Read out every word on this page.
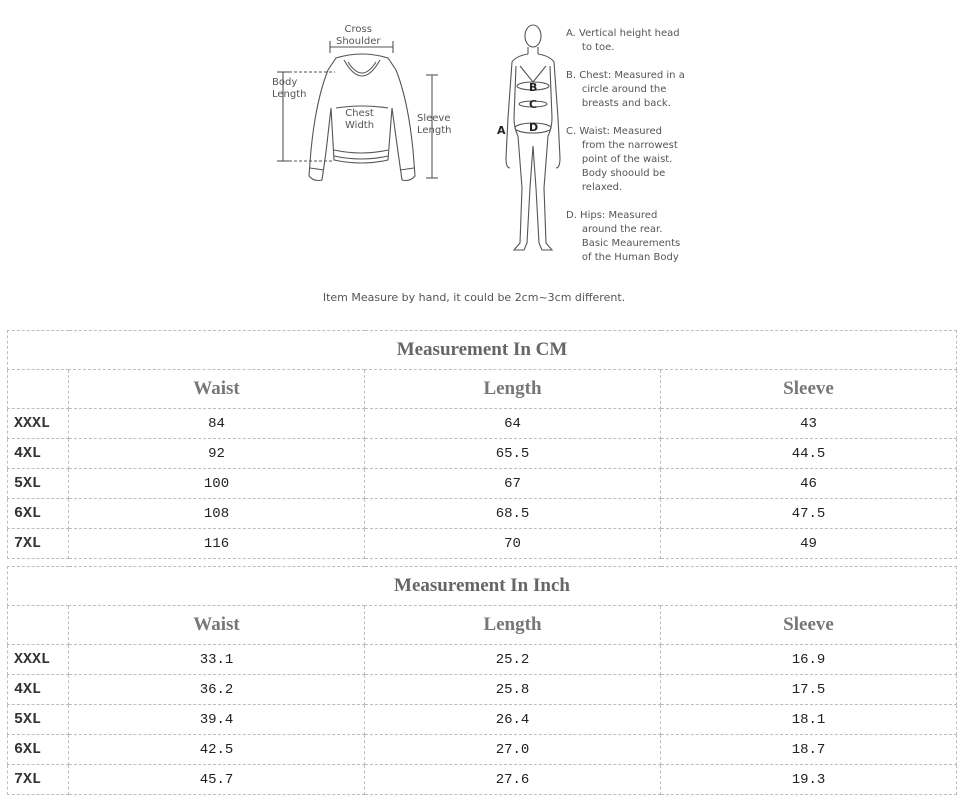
Cross
Shoulder
Body
Length
Chest
Width
Sleeve
Length	A
B
C
D
A. Vertical height head
to toe.
B. Chest: Measured in a
circle around the
breasts and back.
C. Waist: Measured
from the narrowest
point of the waist.
Body shoould be
relaxed.
D. Hips: Measured
around the rear.
Basic Meaurements
of the Human Body
Item Measure by hand, it could be 2cm~3cm different.
Measurement In CM			
	Waist	Length	Sleeve
XXXL	84	64	43
4XL	92	65.5	44.5
5XL	100	67	46
6XL	108	68.5	47.5
7XL	116	70	49
Measurement In Inch			
	Waist	Length	Sleeve
XXXL	33.1	25.2	16.9
4XL	36.2	25.8	17.5
5XL	39.4	26.4	18.1
6XL	42.5	27.0	18.7
7XL	45.7	27.6	19.3
